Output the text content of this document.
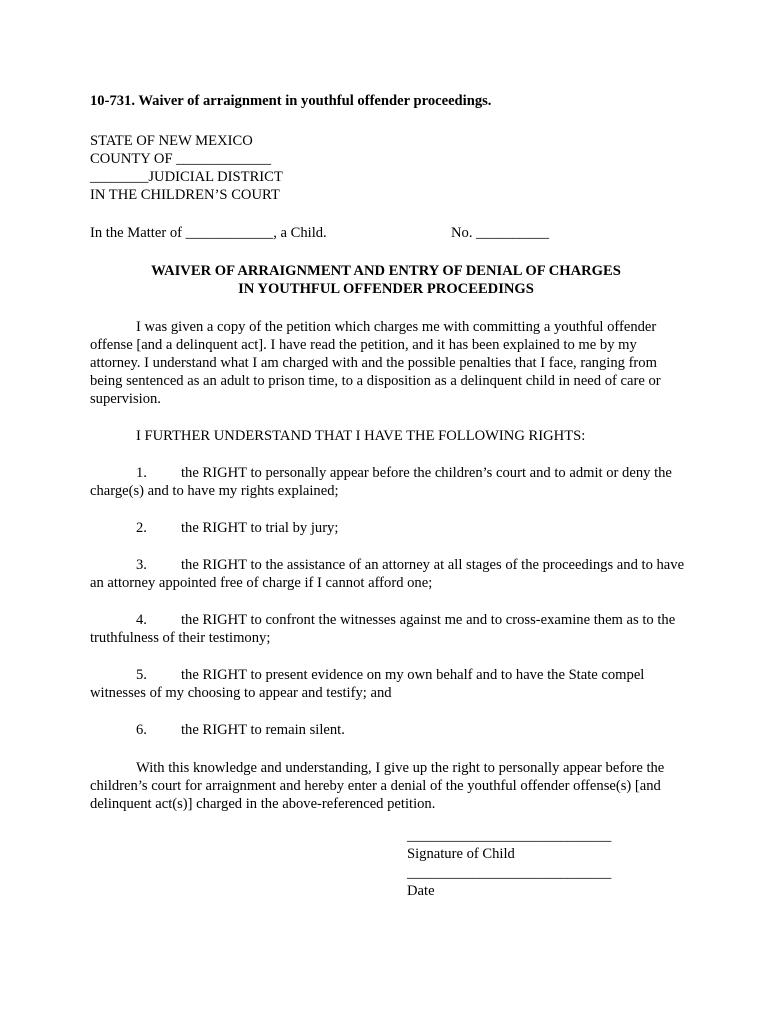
10-731. Waiver of arraignment in youthful offender proceedings.

STATE OF NEW MEXICO
COUNTY OF _____________
________JUDICIAL DISTRICT
IN THE CHILDREN’S COURT
In the Matter of ____________, a Child.	No. __________
WAIVER OF ARRAIGNMENT AND ENTRY OF DENIAL OF CHARGES
IN YOUTHFUL OFFENDER PROCEEDINGS

I was given a copy of the petition which charges me with committing a youthful offender offense [and a delinquent act]. I have read the petition, and it has been explained to me by my attorney. I understand what I am charged with and the possible penalties that I face, ranging from being sentenced as an adult to prison time, to a disposition as a delinquent child in need of care or supervision.

I FURTHER UNDERSTAND THAT I HAVE THE FOLLOWING RIGHTS:

1. the RIGHT to personally appear before the children’s court and to admit or deny the charge(s) and to have my rights explained;

2. the RIGHT to trial by jury;

3. the RIGHT to the assistance of an attorney at all stages of the proceedings and to have an attorney appointed free of charge if I cannot afford one;

4. the RIGHT to confront the witnesses against me and to cross-examine them as to the truthfulness of their testimony;

5. the RIGHT to present evidence on my own behalf and to have the State compel witnesses of my choosing to appear and testify; and

6. the RIGHT to remain silent.

With this knowledge and understanding, I give up the right to personally appear before the children’s court for arraignment and hereby enter a denial of the youthful offender offense(s) [and delinquent act(s)] charged in the above-referenced petition.

____________________________
Signature of Child
____________________________
Date
